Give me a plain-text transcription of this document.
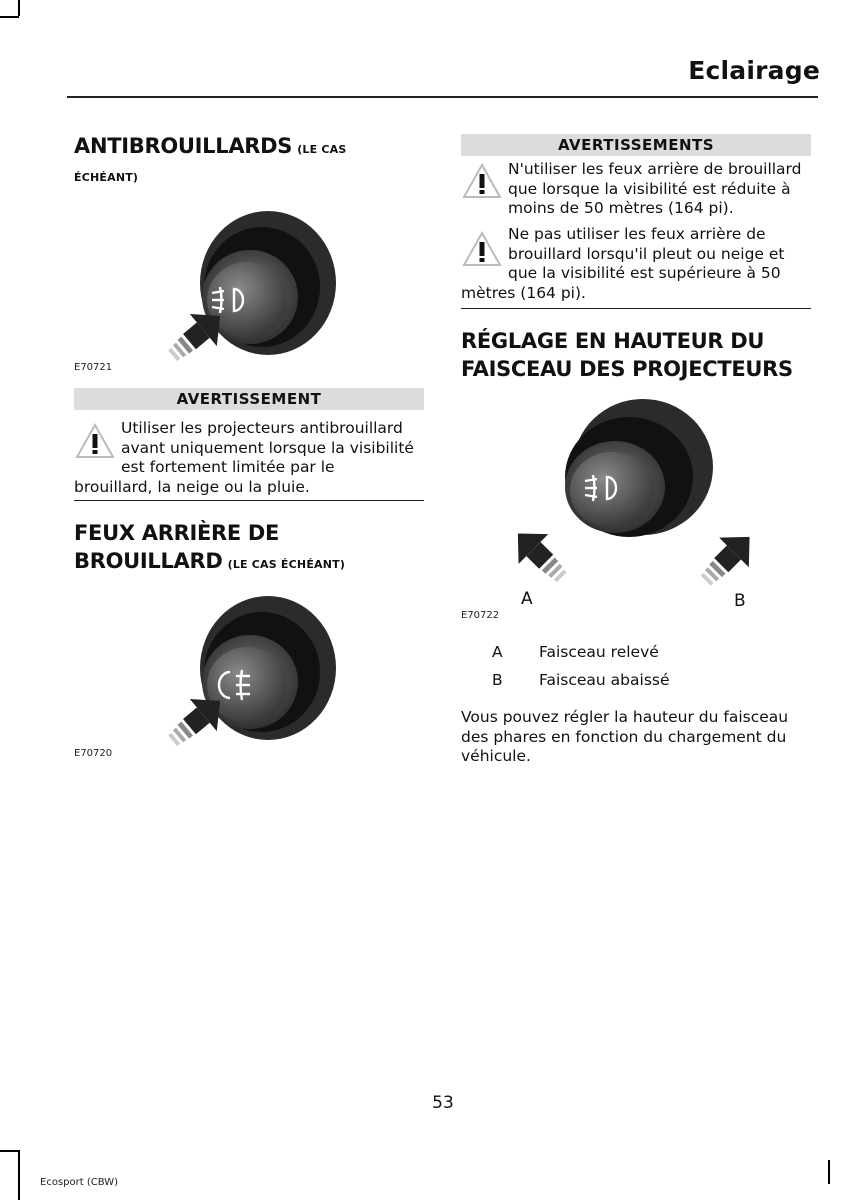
Eclairage
ANTIBROUILLARDS (LE CAS
ÉCHÉANT)
E70721
AVERTISSEMENT
Utiliser les projecteurs antibrouillard
avant uniquement lorsque la visibilité
est fortement limitée par le
brouillard, la neige ou la pluie.
FEUX ARRIÈRE DE
BROUILLARD (LE CAS ÉCHÉANT)
E70720
AVERTISSEMENTS
N'utiliser les feux arrière de brouillard
que lorsque la visibilité est réduite à
moins de 50 mètres (164 pi).
Ne pas utiliser les feux arrière de
brouillard lorsqu'il pleut ou neige et
que la visibilité est supérieure à 50
mètres (164 pi).
RÉGLAGE EN HAUTEUR DU
FAISCEAU DES PROJECTEURS
A	B
E70722
A Faisceau relevé
B Faisceau abaissé
Vous pouvez régler la hauteur du faisceau
des phares en fonction du chargement du
véhicule.
53
Ecosport (CBW)
